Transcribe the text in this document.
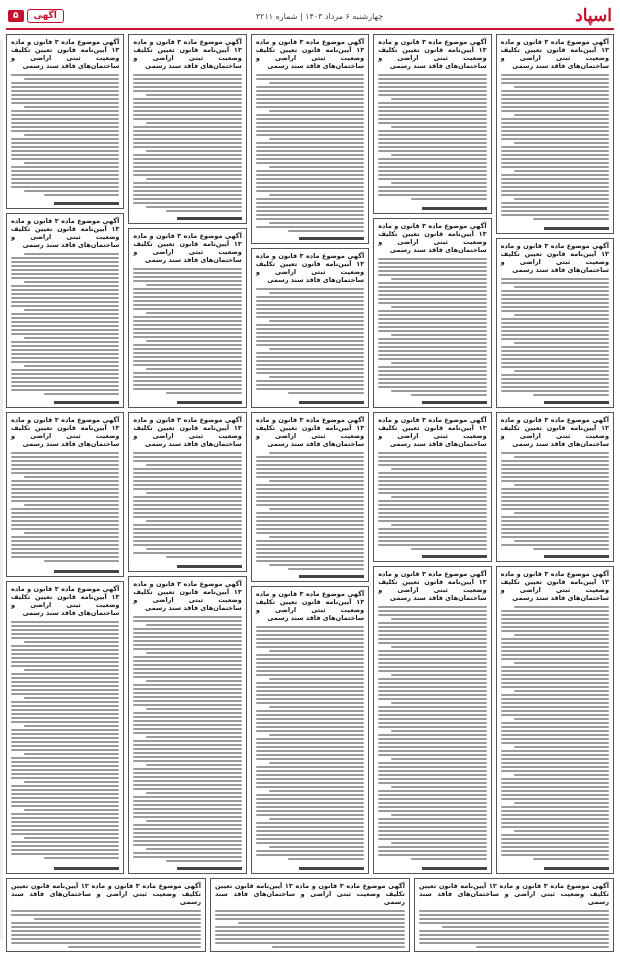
اسپاد
چهارشنبه ۶ مرداد ۱۴۰۳ | شماره ۳۲۱۱
آگهی
۵
آگهی موضوع ماده ۳ قانون و ماده ۱۳ آیین‌نامه قانون تعیین تکلیف وضعیت ثبتی اراضی و ساختمان‌های فاقد سند رسمی
آگهی موضوع ماده ۳ قانون و ماده ۱۳ آیین‌نامه قانون تعیین تکلیف وضعیت ثبتی اراضی و ساختمان‌های فاقد سند رسمی
آگهی موضوع ماده ۳ قانون و ماده ۱۳ آیین‌نامه قانون تعیین تکلیف وضعیت ثبتی اراضی و ساختمان‌های فاقد سند رسمی
آگهی موضوع ماده ۳ قانون و ماده ۱۳ آیین‌نامه قانون تعیین تکلیف وضعیت ثبتی اراضی و ساختمان‌های فاقد سند رسمی
آگهی موضوع ماده ۳ قانون و ماده ۱۳ آیین‌نامه قانون تعیین تکلیف وضعیت ثبتی اراضی و ساختمان‌های فاقد سند رسمی
آگهی موضوع ماده ۳ قانون و ماده ۱۳ آیین‌نامه قانون تعیین تکلیف وضعیت ثبتی اراضی و ساختمان‌های فاقد سند رسمی
آگهی موضوع ماده ۳ قانون و ماده ۱۳ آیین‌نامه قانون تعیین تکلیف وضعیت ثبتی اراضی و ساختمان‌های فاقد سند رسمی
آگهی موضوع ماده ۳ قانون و ماده ۱۳ آیین‌نامه قانون تعیین تکلیف وضعیت ثبتی اراضی و ساختمان‌های فاقد سند رسمی
آگهی موضوع ماده ۳ قانون و ماده ۱۳ آیین‌نامه قانون تعیین تکلیف وضعیت ثبتی اراضی و ساختمان‌های فاقد سند رسمی
آگهی موضوع ماده ۳ قانون و ماده ۱۳ آیین‌نامه قانون تعیین تکلیف وضعیت ثبتی اراضی و ساختمان‌های فاقد سند رسمی
آگهی موضوع ماده ۳ قانون و ماده ۱۳ آیین‌نامه قانون تعیین تکلیف وضعیت ثبتی اراضی و ساختمان‌های فاقد سند رسمی
آگهی موضوع ماده ۳ قانون و ماده ۱۳ آیین‌نامه قانون تعیین تکلیف وضعیت ثبتی اراضی و ساختمان‌های فاقد سند رسمی
آگهی موضوع ماده ۳ قانون و ماده ۱۳ آیین‌نامه قانون تعیین تکلیف وضعیت ثبتی اراضی و ساختمان‌های فاقد سند رسمی
آگهی موضوع ماده ۳ قانون و ماده ۱۳ آیین‌نامه قانون تعیین تکلیف وضعیت ثبتی اراضی و ساختمان‌های فاقد سند رسمی
آگهی موضوع ماده ۳ قانون و ماده ۱۳ آیین‌نامه قانون تعیین تکلیف وضعیت ثبتی اراضی و ساختمان‌های فاقد سند رسمی
آگهی موضوع ماده ۳ قانون و ماده ۱۳ آیین‌نامه قانون تعیین تکلیف وضعیت ثبتی اراضی و ساختمان‌های فاقد سند رسمی
آگهی موضوع ماده ۳ قانون و ماده ۱۳ آیین‌نامه قانون تعیین تکلیف وضعیت ثبتی اراضی و ساختمان‌های فاقد سند رسمی
آگهی موضوع ماده ۳ قانون و ماده ۱۳ آیین‌نامه قانون تعیین تکلیف وضعیت ثبتی اراضی و ساختمان‌های فاقد سند رسمی
آگهی موضوع ماده ۳ قانون و ماده ۱۳ آیین‌نامه قانون تعیین تکلیف وضعیت ثبتی اراضی و ساختمان‌های فاقد سند رسمی
آگهی موضوع ماده ۳ قانون و ماده ۱۳ آیین‌نامه قانون تعیین تکلیف وضعیت ثبتی اراضی و ساختمان‌های فاقد سند رسمی
آگهی موضوع ماده ۳ قانون و ماده ۱۳ آیین‌نامه قانون تعیین تکلیف وضعیت ثبتی اراضی و ساختمان‌های فاقد سند رسمی
آگهی موضوع ماده ۳ قانون و ماده ۱۳ آیین‌نامه قانون تعیین تکلیف وضعیت ثبتی اراضی و ساختمان‌های فاقد سند رسمی
آگهی موضوع ماده ۳ قانون و ماده ۱۳ آیین‌نامه قانون تعیین تکلیف وضعیت ثبتی اراضی و ساختمان‌های فاقد سند رسمی
